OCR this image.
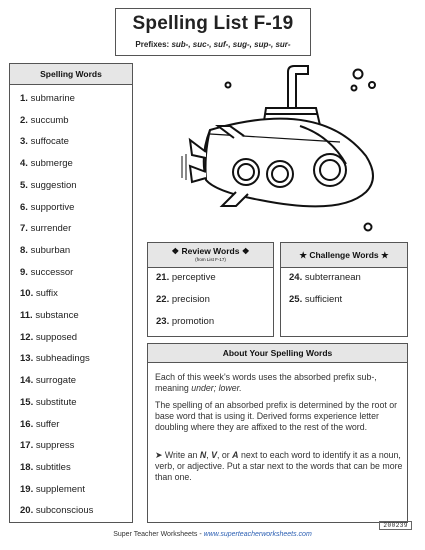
Spelling List F-19
Prefixes: sub-, suc-, suf-, sug-, sup-, sur-
Spelling Words
1. submarine
2. succumb
3. suffocate
4. submerge
5. suggestion
6. supportive
7. surrender
8. suburban
9. successor
10. suffix
11. substance
12. supposed
13. subheadings
14. surrogate
15. substitute
16. suffer
17. suppress
18. subtitles
19. supplement
20. subconscious
❖ Review Words ❖
(from List F-17)
21. perceptive
22. precision
23. promotion
★ Challenge Words ★
24. subterranean
25. sufficient
About Your Spelling Words
Each of this week's words uses the absorbed prefix sub-, meaning under; lower.
The spelling of an absorbed prefix is determined by the root or base word that is using it. Derived forms experience letter doubling where they are affixed to the rest of the word.
➤ Write an N, V, or A next to each word to identify it as a noun, verb, or adjective. Put a star next to the words that can be more than one.
200239
Super Teacher Worksheets - www.superteacherworksheets.com
